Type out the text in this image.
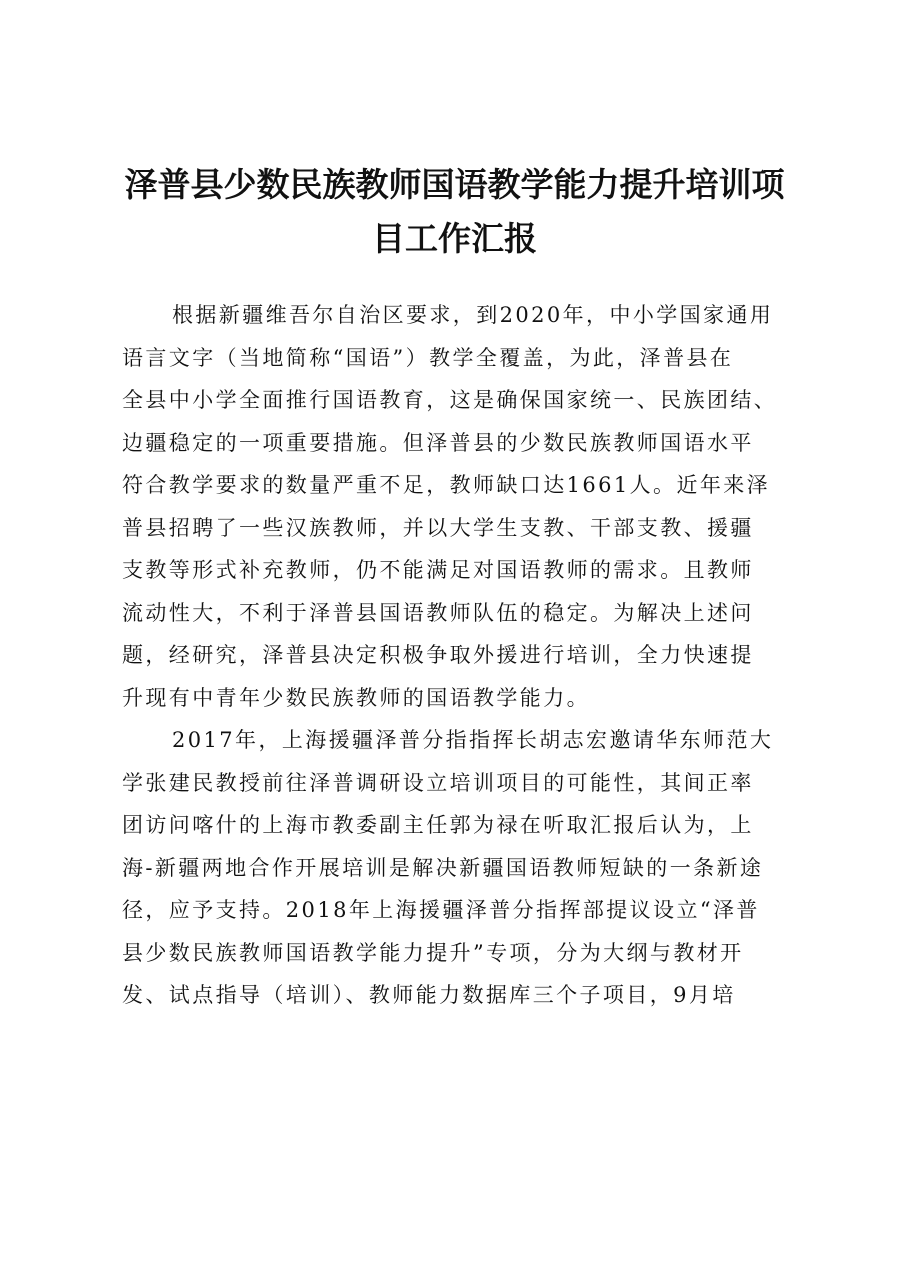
泽普县少数民族教师国语教学能力提升培训项
目工作汇报
根据新疆维吾尔自治区要求，到2020年，中小学国家通用
语言文字（当地简称“国语”）教学全覆盖，为此，泽普县在
全县中小学全面推行国语教育，这是确保国家统一、民族团结、
边疆稳定的一项重要措施。但泽普县的少数民族教师国语水平
符合教学要求的数量严重不足，教师缺口达1661人。近年来泽
普县招聘了一些汉族教师，并以大学生支教、干部支教、援疆
支教等形式补充教师，仍不能满足对国语教师的需求。且教师
流动性大，不利于泽普县国语教师队伍的稳定。为解决上述问
题，经研究，泽普县决定积极争取外援进行培训，全力快速提
升现有中青年少数民族教师的国语教学能力。
2017年，上海援疆泽普分指指挥长胡志宏邀请华东师范大
学张建民教授前往泽普调研设立培训项目的可能性，其间正率
团访问喀什的上海市教委副主任郭为禄在听取汇报后认为，上
海-新疆两地合作开展培训是解决新疆国语教师短缺的一条新途
径，应予支持。2018年上海援疆泽普分指挥部提议设立“泽普
县少数民族教师国语教学能力提升”专项，分为大纲与教材开
发、试点指导（培训）、教师能力数据库三个子项目，9月培
